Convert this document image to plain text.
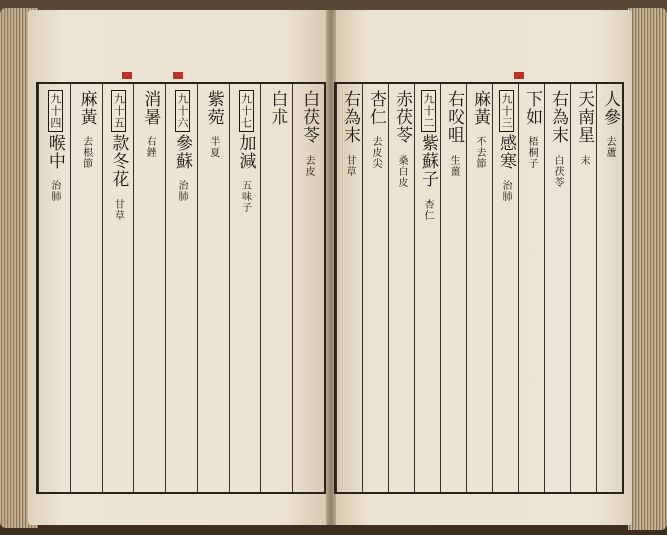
白茯苓
去皮
白朮
九十七
加減
五味子
紫菀
半夏
九十六
參蘇
治肺
消暑
右銼
九十五
款冬花
甘草
麻黃
去根節
九十四
喉中
治肺
人參
去蘆
天南星
末
右為末
白茯苓
下如
梧桐子
九十三
感寒
治肺
麻黃
不去節
右㕮咀
生薑
九十二
紫蘇子
杏仁
赤茯苓
桑白皮
杏仁
去皮尖
右為末
甘草
